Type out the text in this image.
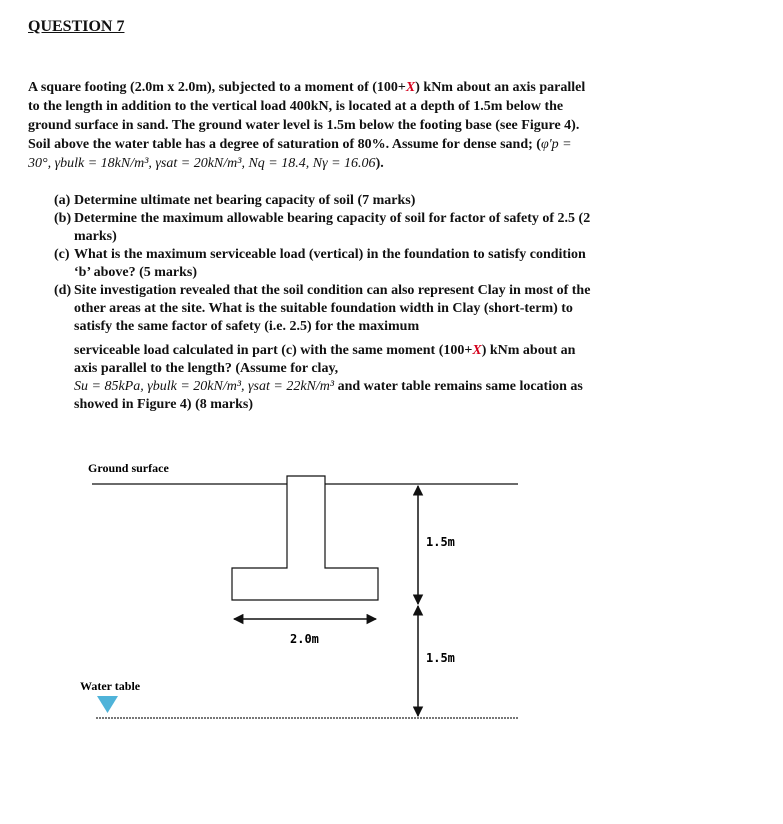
QUESTION 7
A square footing (2.0m x 2.0m), subjected to a moment of (100+X) kNm about an axis parallel to the length in addition to the vertical load 400kN, is located at a depth of 1.5m below the ground surface in sand. The ground water level is 1.5m below the footing base (see Figure 4). Soil above the water table has a degree of saturation of 80%. Assume for dense sand; (φ'p = 30°, γbulk = 18kN/m³, γsat = 20kN/m³, Nq = 18.4, Nγ = 16.06).
(a) Determine ultimate net bearing capacity of soil (7 marks)
(b) Determine the maximum allowable bearing capacity of soil for factor of safety of 2.5 (2 marks)
(c) What is the maximum serviceable load (vertical) in the foundation to satisfy condition ‘b’ above? (5 marks)
(d) Site investigation revealed that the soil condition can also represent Clay in most of the other areas at the site. What is the suitable foundation width in Clay (short-term) to satisfy the same factor of safety (i.e. 2.5) for the maximum
serviceable load calculated in part (c) with the same moment (100+X) kNm about an axis parallel to the length? (Assume for clay,
Su = 85kPa, γbulk = 20kN/m³, γsat = 22kN/m³ and water table remains same location as showed in Figure 4) (8 marks)
Ground surface
2.0m
1.5m
1.5m
Water table
